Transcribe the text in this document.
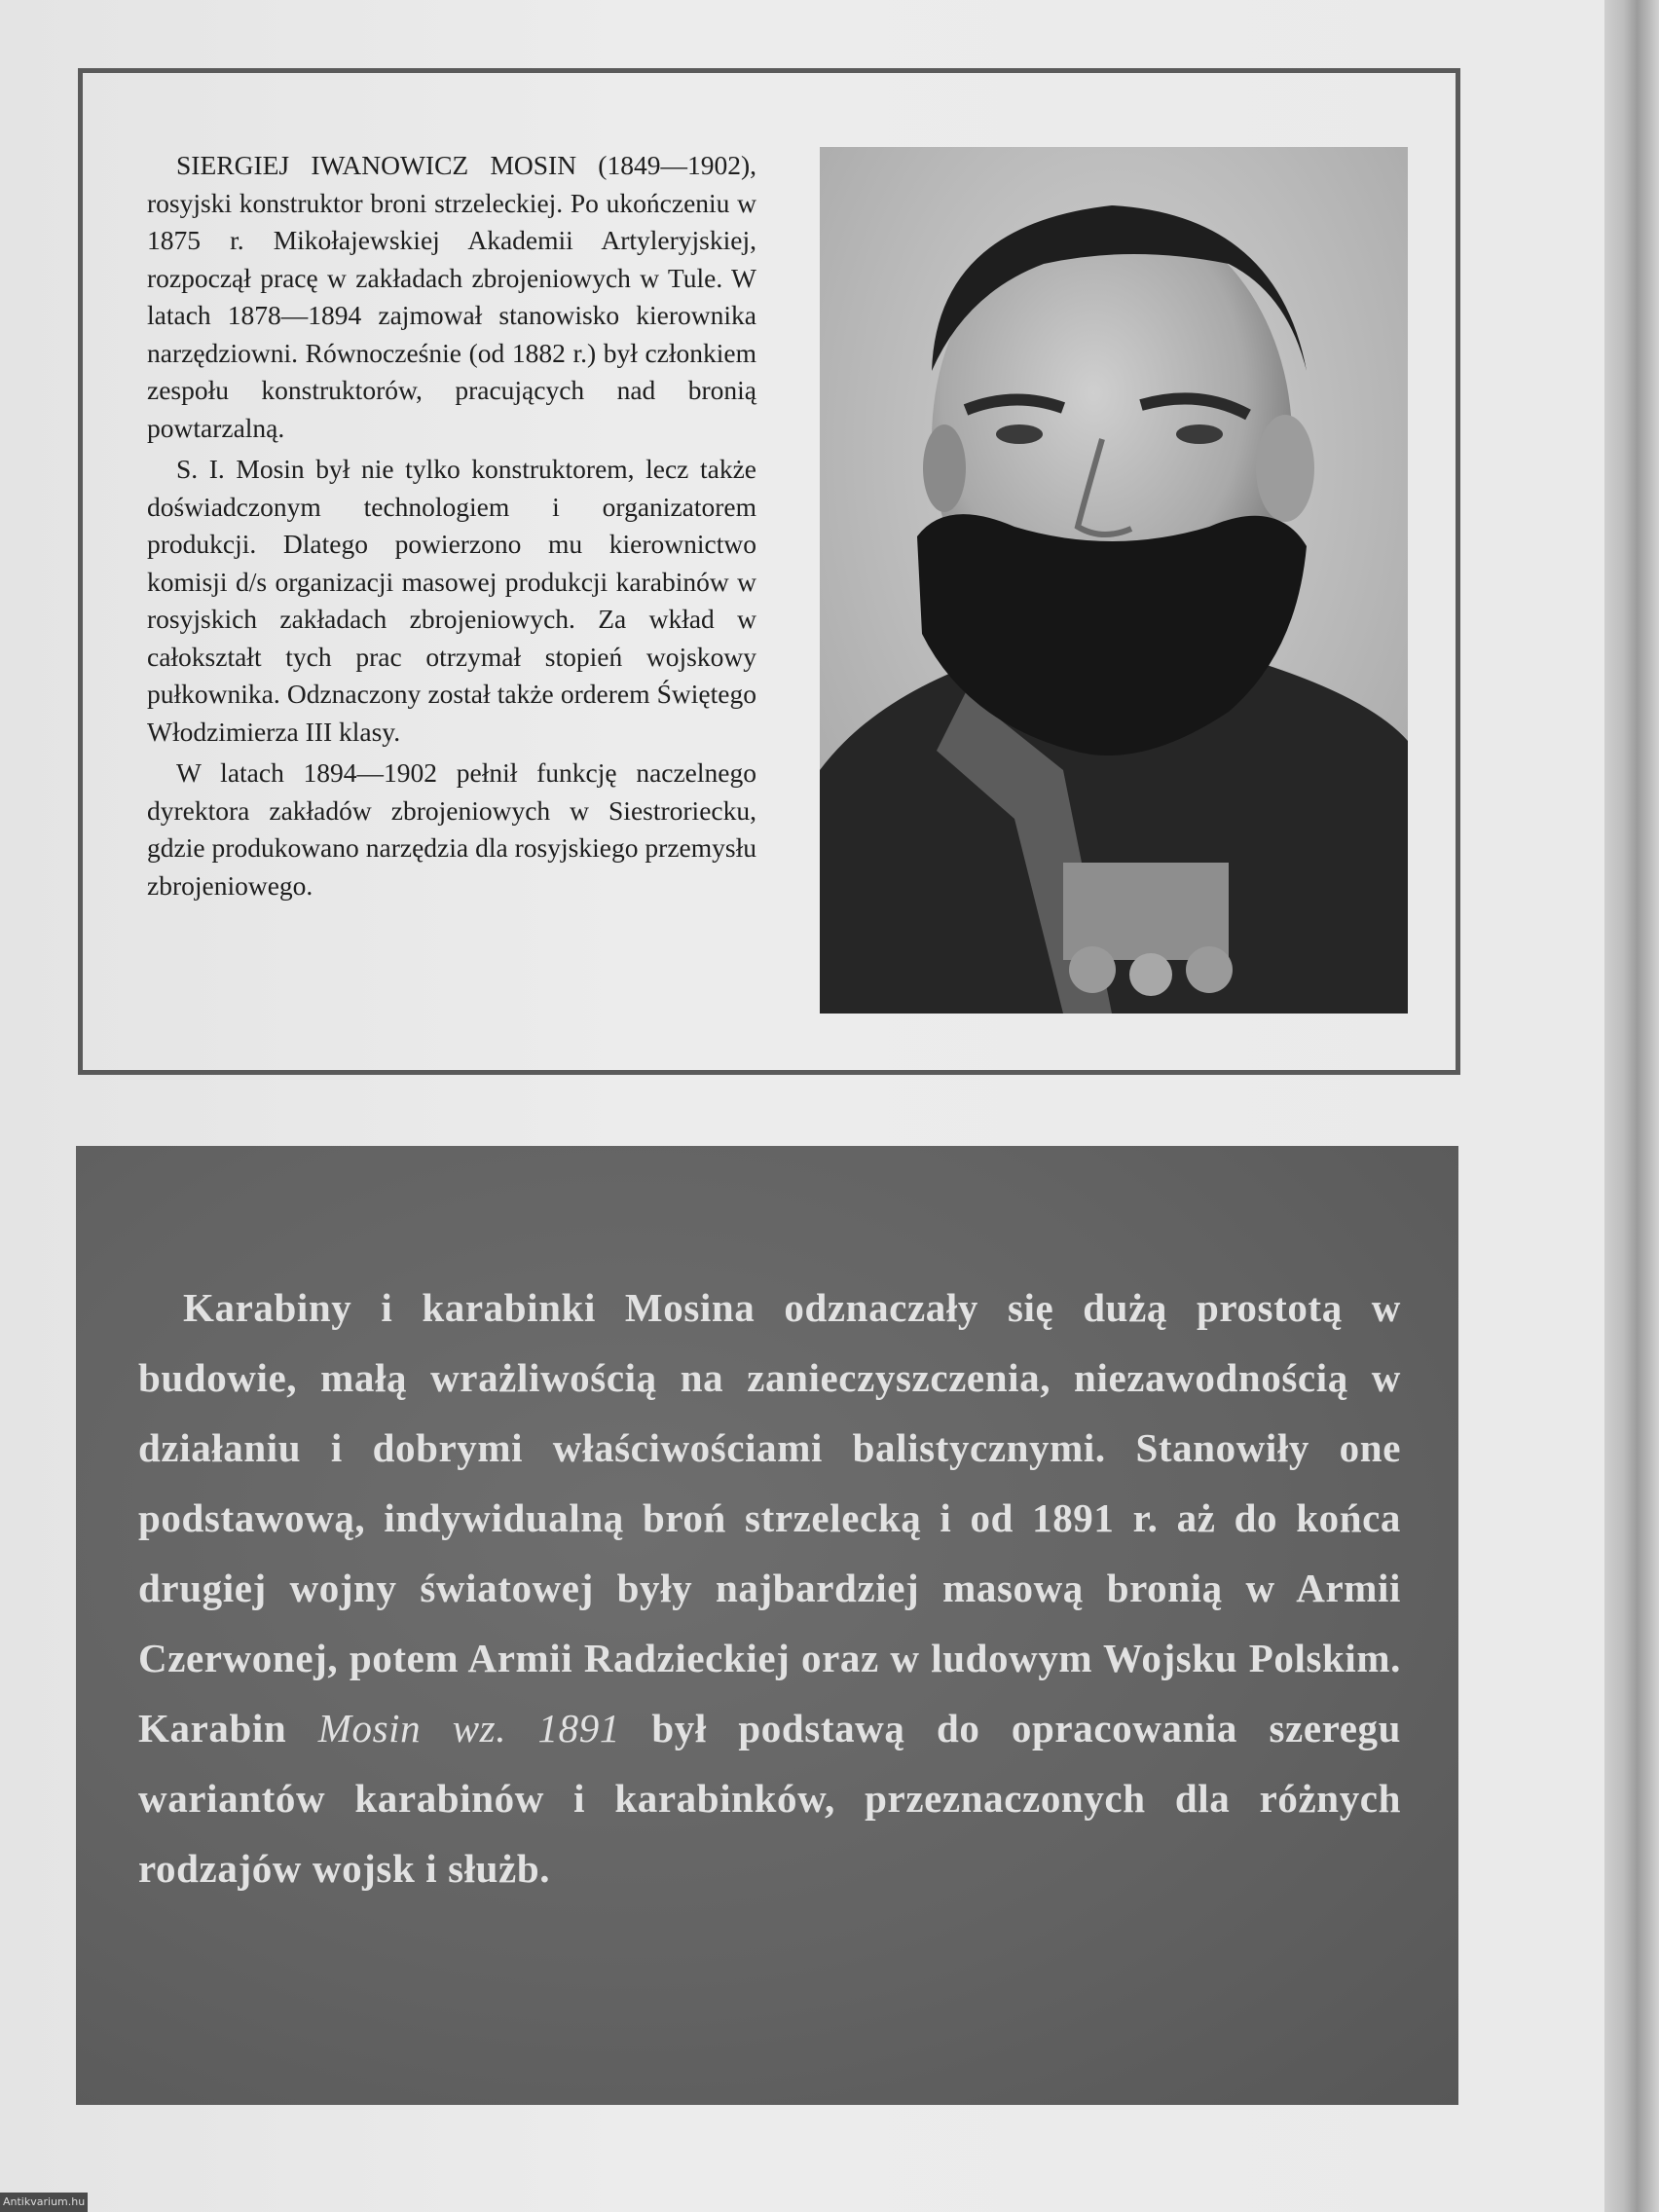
SIERGIEJ IWANOWICZ MOSIN (1849—1902), rosyjski konstruktor broni strzeleckiej. Po ukończeniu w 1875 r. Mikołajewskiej Akademii Artyleryjskiej, rozpoczął pracę w zakładach zbrojeniowych w Tule. W latach 1878—1894 zajmował stanowisko kierownika narzędziowni. Równocześnie (od 1882 r.) był członkiem zespołu konstruktorów, pracujących nad bronią powtarzalną.

S. I. Mosin był nie tylko konstruktorem, lecz także doświadczonym technologiem i organizatorem produkcji. Dlatego powierzono mu kierownictwo komisji d/s organizacji masowej produkcji karabinów w rosyjskich zakładach zbrojeniowych. Za wkład w całokształt tych prac otrzymał stopień wojskowy pułkownika. Odznaczony został także orderem Świętego Włodzimierza III klasy.

W latach 1894—1902 pełnił funkcję naczelnego dyrektora zakładów zbrojeniowych w Siestroriecku, gdzie produkowano narzędzia dla rosyjskiego przemysłu zbrojeniowego.

Karabiny i karabinki Mosina odznaczały się dużą prostotą w budowie, małą wrażliwością na zanieczyszczenia, niezawodnością w działaniu i dobrymi właściwościami balistycznymi. Stanowiły one podstawową, indywidualną broń strzelecką i od 1891 r. aż do końca drugiej wojny światowej były najbardziej masową bronią w Armii Czerwonej, potem Armii Radzieckiej oraz w ludowym Wojsku Polskim. Karabin Mosin wz. 1891 był podstawą do opracowania szeregu wariantów karabinów i karabinków, przeznaczonych dla różnych rodzajów wojsk i służb.

Antikvarium.hu
